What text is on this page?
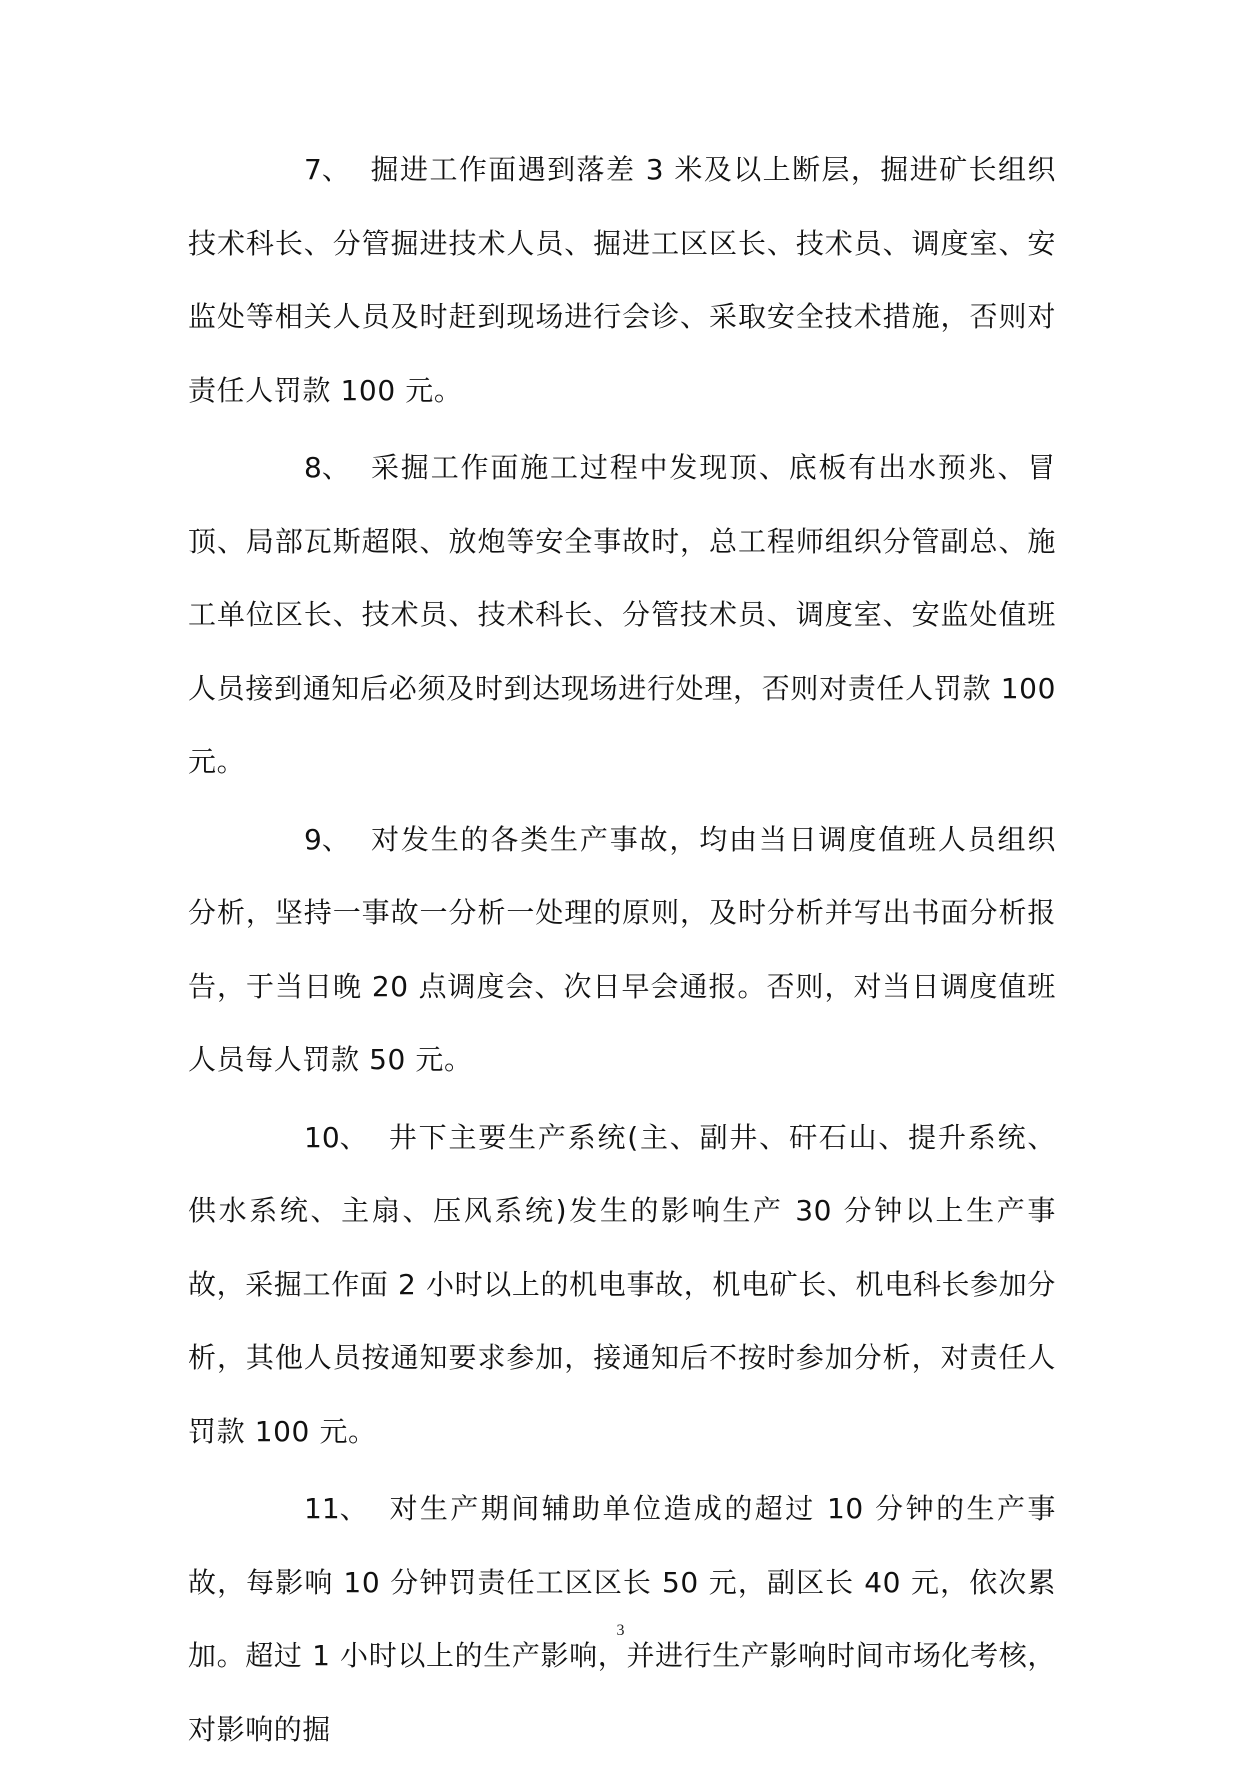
7、 掘进工作面遇到落差 3 米及以上断层，掘进矿长组织技术科长、分管掘进技术人员、掘进工区区长、技术员、调度室、安监处等相关人员及时赶到现场进行会诊、采取安全技术措施，否则对责任人罚款 100 元。

8、 采掘工作面施工过程中发现顶、底板有出水预兆、冒顶、局部瓦斯超限、放炮等安全事故时，总工程师组织分管副总、施工单位区长、技术员、技术科长、分管技术员、调度室、安监处值班人员接到通知后必须及时到达现场进行处理，否则对责任人罚款 100 元。

9、 对发生的各类生产事故，均由当日调度值班人员组织分析，坚持一事故一分析一处理的原则，及时分析并写出书面分析报告，于当日晚 20 点调度会、次日早会通报。否则，对当日调度值班人员每人罚款 50 元。

10、 井下主要生产系统(主、副井、矸石山、提升系统、供水系统、主扇、压风系统)发生的影响生产 30 分钟以上生产事故，采掘工作面 2 小时以上的机电事故，机电矿长、机电科长参加分析，其他人员按通知要求参加，接通知后不按时参加分析，对责任人罚款 100 元。

11、 对生产期间辅助单位造成的超过 10 分钟的生产事故，每影响 10 分钟罚责任工区区长 50 元，副区长 40 元，依次累加。超过 1 小时以上的生产影响，并进行生产影响时间市场化考核，对影响的掘

3
